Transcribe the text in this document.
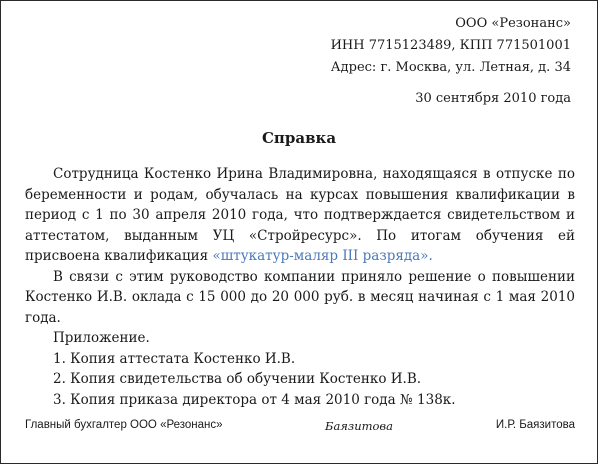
ООО «Резонанс»
ИНН 7715123489, КПП 771501001
Адрес: г. Москва, ул. Летная, д. 34
30 сентября 2010 года
Справка

Сотрудница Костенко Ирина Владимировна, находящаяся в отпуске по беременности и родам, обучалась на курсах повышения квалификации в период с 1 по 30 апреля 2010 года, что подтверждается свидетельством и аттестатом, выданным УЦ «Стройресурс». По итогам обучения ей присвоена квалификация «штукатур-маляр III разряда».

В связи с этим руководство компании приняло решение о повышении Костенко И.В. оклада с 15 000 до 20 000 руб. в месяц начиная с 1 мая 2010 года.

Приложение.

1. Копия аттестата Костенко И.В.
2. Копия свидетельства об обучении Костенко И.В.
3. Копия приказа директора от 4 мая 2010 года № 138к.
Главный бухгалтер ООО «Резонанс»	Баязитова	И.Р. Баязитова
